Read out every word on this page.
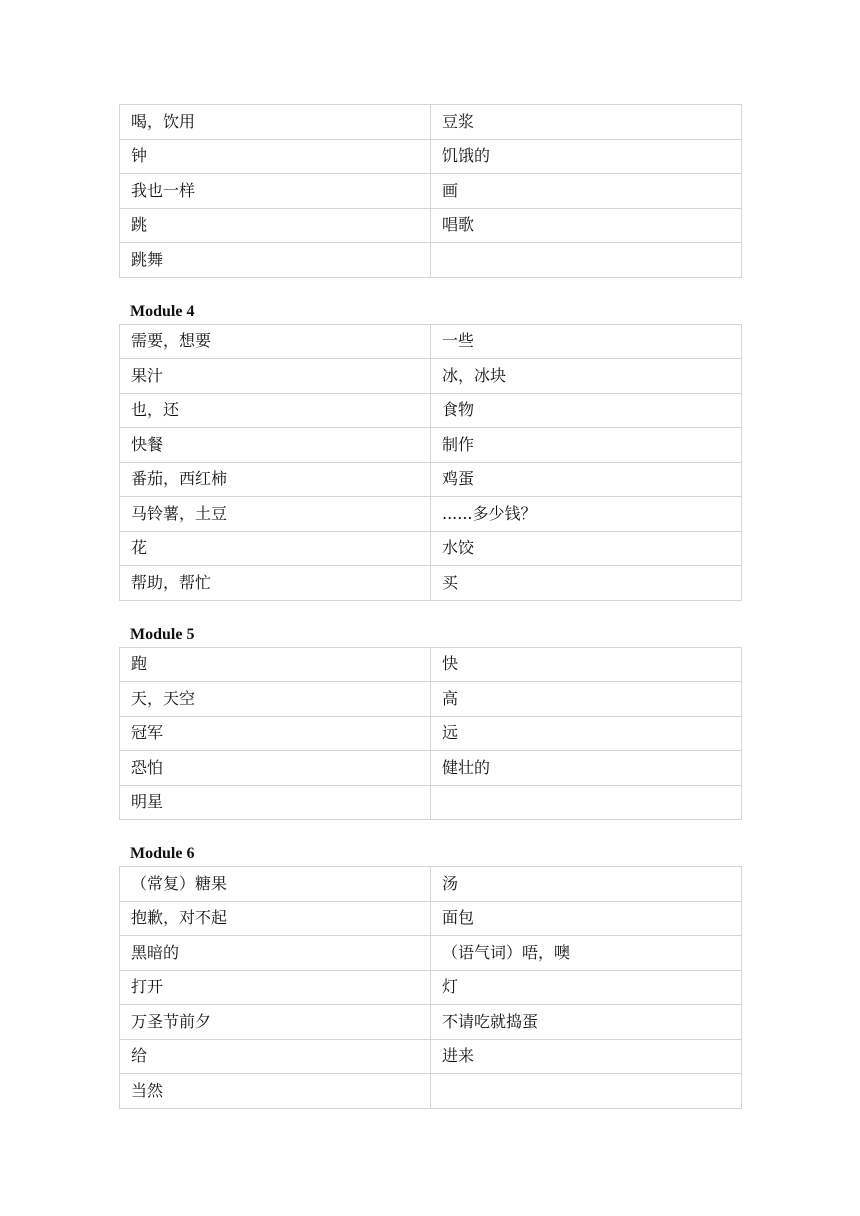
喝，饮用	豆浆
钟	饥饿的
我也一样	画
跳	唱歌
跳舞	
Module 4
需要，想要	一些
果汁	冰，冰块
也，还	食物
快餐	制作
番茄，西红柿	鸡蛋
马铃薯，土豆	......多少钱？
花	水饺
帮助，帮忙	买
Module 5
跑	快
天，天空	高
冠军	远
恐怕	健壮的
明星	
Module 6
（常复）糖果	汤
抱歉，对不起	面包
黑暗的	（语气词）唔，噢
打开	灯
万圣节前夕	不请吃就捣蛋
给	进来
当然	
